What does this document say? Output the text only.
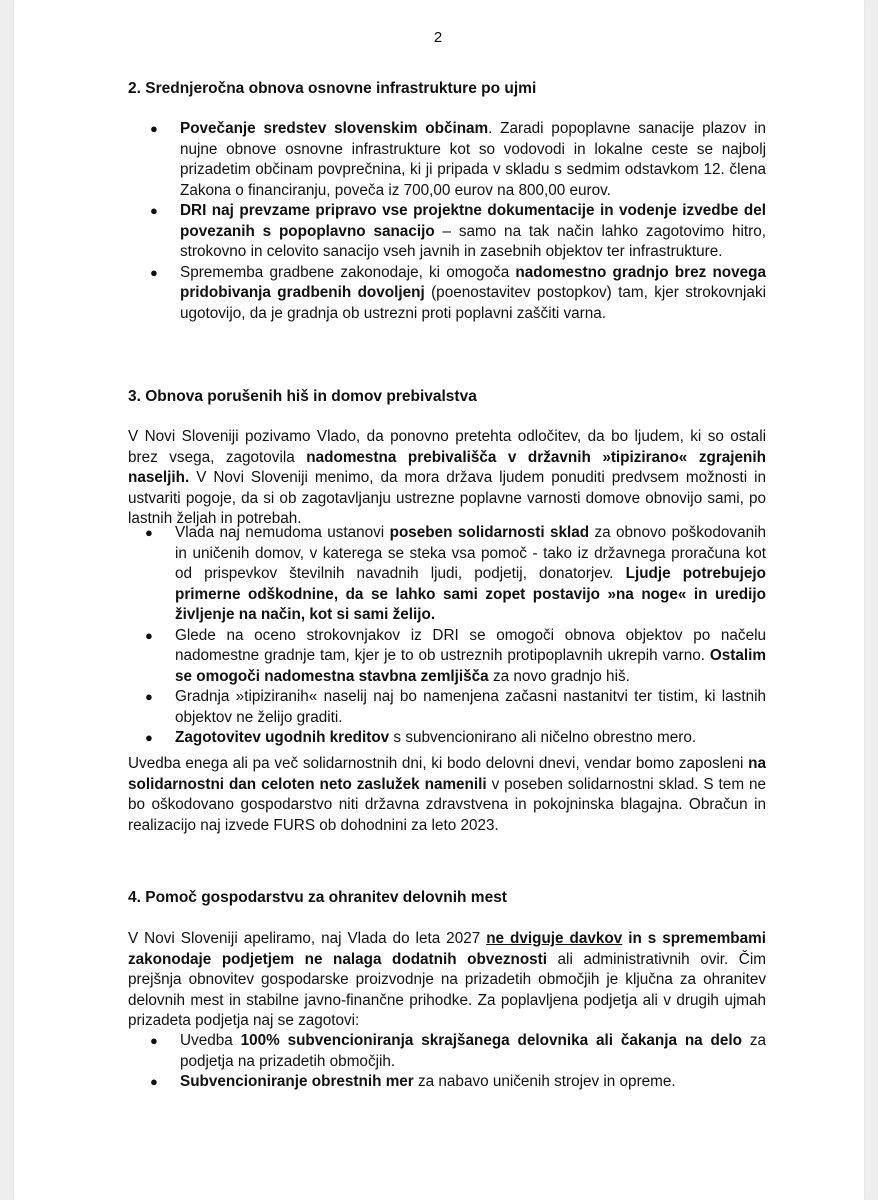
2
2. Srednjeročna obnova osnovne infrastrukture po ujmi
● Povečanje sredstev slovenskim občinam. Zaradi popoplavne sanacije plazov in nujne obnove osnovne infrastrukture kot so vodovodi in lokalne ceste se najbolj prizadetim občinam povprečnina, ki ji pripada v skladu s sedmim odstavkom 12. člena Zakona o financiranju, poveča iz 700,00 eurov na 800,00 eurov.
● DRI naj prevzame pripravo vse projektne dokumentacije in vodenje izvedbe del povezanih s popoplavno sanacijo – samo na tak način lahko zagotovimo hitro, strokovno in celovito sanacijo vseh javnih in zasebnih objektov ter infrastrukture.
● Sprememba gradbene zakonodaje, ki omogoča nadomestno gradnjo brez novega pridobivanja gradbenih dovoljenj (poenostavitev postopkov) tam, kjer strokovnjaki ugotovijo, da je gradnja ob ustrezni proti poplavni zaščiti varna.
3. Obnova porušenih hiš in domov prebivalstva

V Novi Sloveniji pozivamo Vlado, da ponovno pretehta odločitev, da bo ljudem, ki so ostali brez vsega, zagotovila nadomestna prebivališča v državnih »tipizirano« zgrajenih naseljih. V Novi Sloveniji menimo, da mora država ljudem ponuditi predvsem možnosti in ustvariti pogoje, da si ob zagotavljanju ustrezne poplavne varnosti domove obnovijo sami, po lastnih željah in potrebah.

● Vlada naj nemudoma ustanovi poseben solidarnosti sklad za obnovo poškodovanih in uničenih domov, v katerega se steka vsa pomoč - tako iz državnega proračuna kot od prispevkov številnih navadnih ljudi, podjetij, donatorjev. Ljudje potrebujejo primerne odškodnine, da se lahko sami zopet postavijo »na noge« in uredijo življenje na način, kot si sami želijo.
● Glede na oceno strokovnjakov iz DRI se omogoči obnova objektov po načelu nadomestne gradnje tam, kjer je to ob ustreznih protipoplavnih ukrepih varno. Ostalim se omogoči nadomestna stavbna zemljišča za novo gradnjo hiš.
● Gradnja »tipiziranih« naselij naj bo namenjena začasni nastanitvi ter tistim, ki lastnih objektov ne želijo graditi.
● Zagotovitev ugodnih kreditov s subvencionirano ali ničelno obrestno mero.

Uvedba enega ali pa več solidarnostnih dni, ki bodo delovni dnevi, vendar bomo zaposleni na solidarnostni dan celoten neto zaslužek namenili v poseben solidarnostni sklad. S tem ne bo oškodovano gospodarstvo niti državna zdravstvena in pokojninska blagajna. Obračun in realizacijo naj izvede FURS ob dohodnini za leto 2023.

4. Pomoč gospodarstvu za ohranitev delovnih mest

V Novi Sloveniji apeliramo, naj Vlada do leta 2027 ne dviguje davkov in s spremembami zakonodaje podjetjem ne nalaga dodatnih obveznosti ali administrativnih ovir. Čim prejšnja obnovitev gospodarske proizvodnje na prizadetih območjih je ključna za ohranitev delovnih mest in stabilne javno-finančne prihodke. Za poplavljena podjetja ali v drugih ujmah prizadeta podjetja naj se zagotovi:

● Uvedba 100% subvencioniranja skrajšanega delovnika ali čakanja na delo za podjetja na prizadetih območjih.
● Subvencioniranje obrestnih mer za nabavo uničenih strojev in opreme.
